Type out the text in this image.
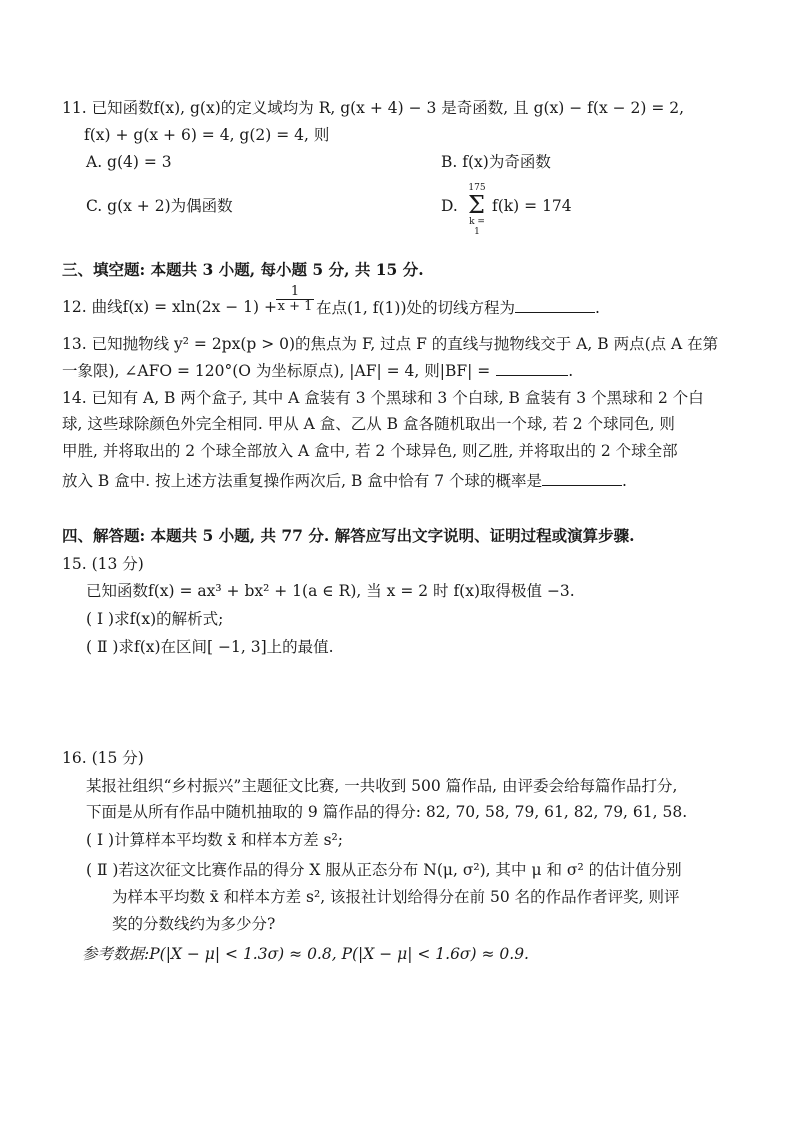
11. 已知函数f(x), g(x)的定义域均为 R, g(x + 4) − 3 是奇函数, 且 g(x) − f(x − 2) = 2,
f(x) + g(x + 6) = 4, g(2) = 4, 则
A. g(4) = 3	B. f(x)为奇函数
C. g(x + 2)为偶函数	D.
175
Σ
k = 1
f(k) = 174
三、填空题: 本题共 3 小题, 每小题 5 分, 共 15 分.
12. 曲线f(x) = xln(2x − 1) +
1
x + 1 在点(1, f(1))处的切线方程为	.
13. 已知抛物线 y² = 2px(p > 0)的焦点为 F, 过点 F 的直线与抛物线交于 A, B 两点(点 A 在第
一象限), ∠AFO = 120°(O 为坐标原点), |AF| = 4, 则|BF| =	.
14. 已知有 A, B 两个盒子, 其中 A 盒装有 3 个黑球和 3 个白球, B 盒装有 3 个黑球和 2 个白
球, 这些球除颜色外完全相同. 甲从 A 盒、乙从 B 盒各随机取出一个球, 若 2 个球同色, 则
甲胜, 并将取出的 2 个球全部放入 A 盒中, 若 2 个球异色, 则乙胜, 并将取出的 2 个球全部
放入 B 盒中. 按上述方法重复操作两次后, B 盒中恰有 7 个球的概率是	.
四、解答题: 本题共 5 小题, 共 77 分. 解答应写出文字说明、证明过程或演算步骤.
15. (13 分)
已知函数f(x) = ax³ + bx² + 1(a ∈ R), 当 x = 2 时 f(x)取得极值 −3.
( Ⅰ )求f(x)的解析式;
( Ⅱ )求f(x)在区间[ −1, 3]上的最值.
16. (15 分)
某报社组织“乡村振兴”主题征文比赛, 一共收到 500 篇作品, 由评委会给每篇作品打分,
下面是从所有作品中随机抽取的 9 篇作品的得分: 82, 70, 58, 79, 61, 82, 79, 61, 58.
( Ⅰ )计算样本平均数 x̄ 和样本方差 s²;
( Ⅱ )若这次征文比赛作品的得分 X 服从正态分布 N(μ, σ²), 其中 μ 和 σ² 的估计值分别
为样本平均数 x̄ 和样本方差 s², 该报社计划给得分在前 50 名的作品作者评奖, 则评
奖的分数线约为多少分?
参考数据:P(|X − μ| < 1.3σ) ≈ 0.8, P(|X − μ| < 1.6σ) ≈ 0.9.
